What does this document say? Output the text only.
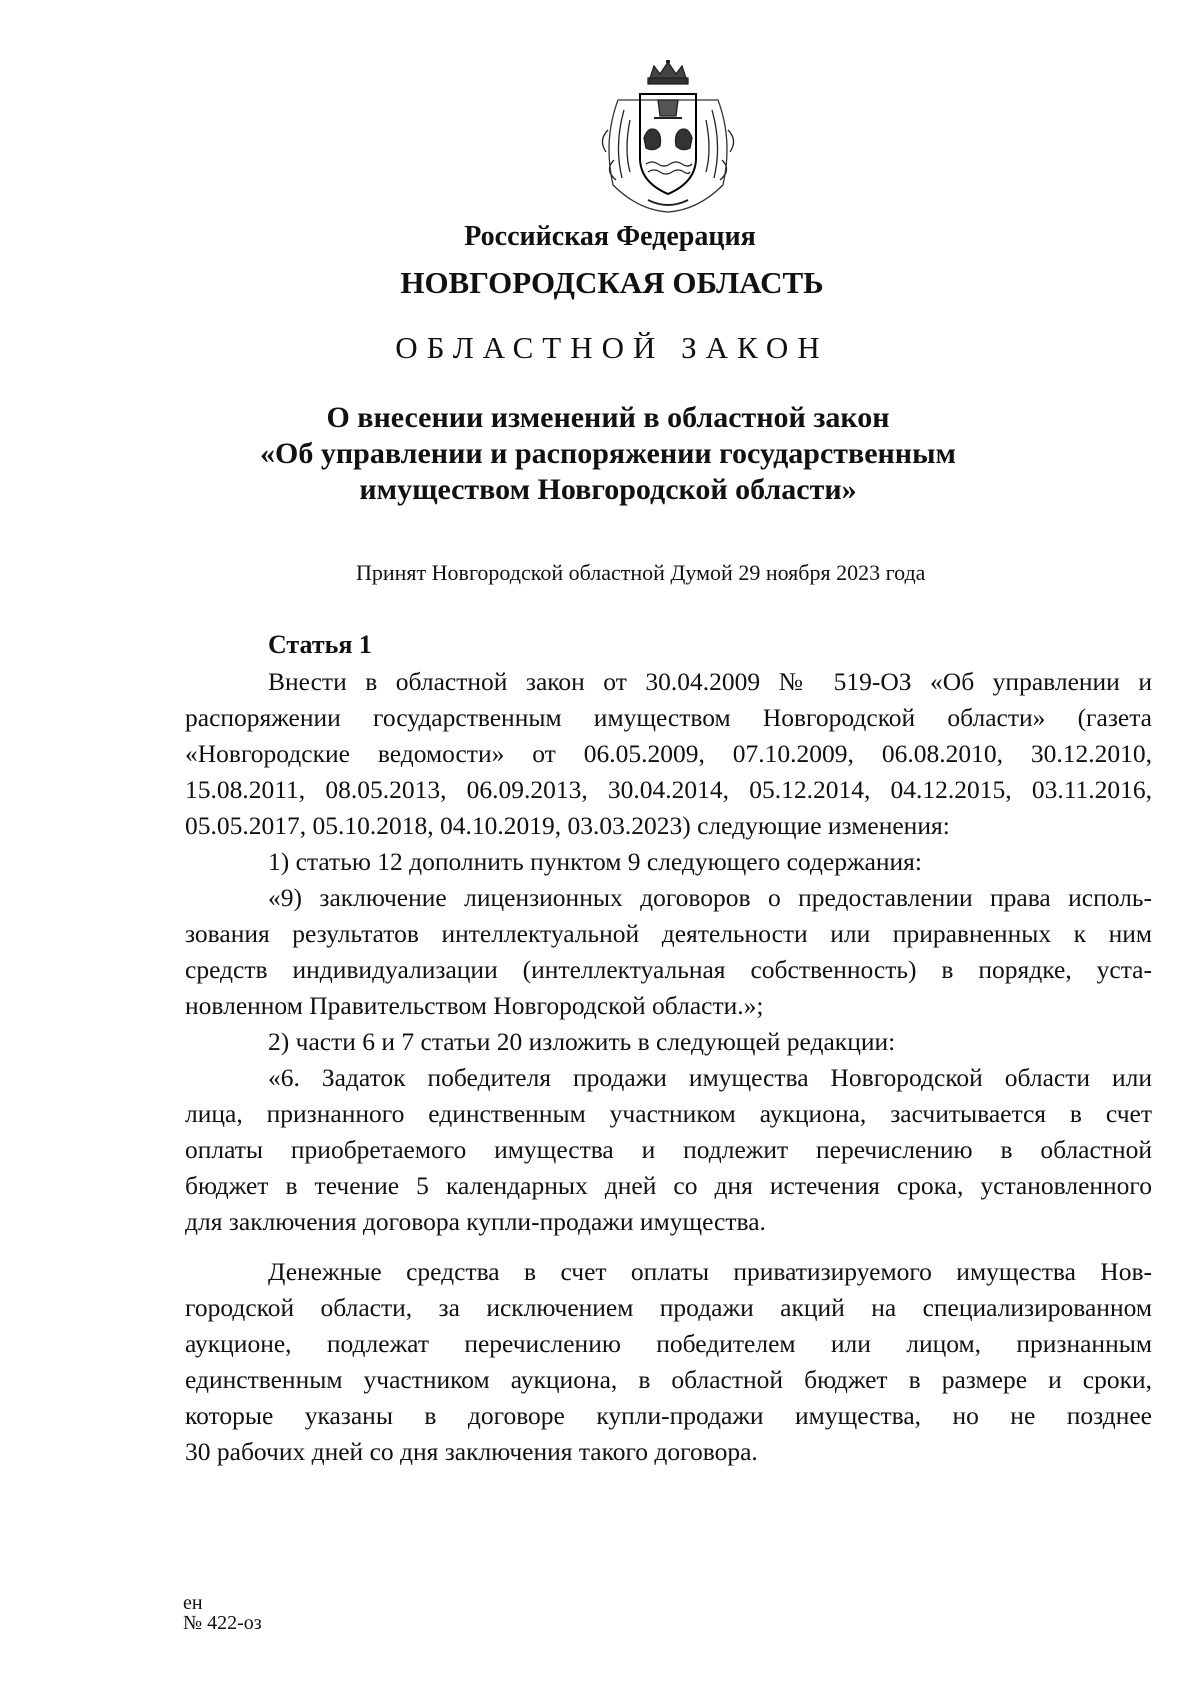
Российская Федерация
НОВГОРОДСКАЯ ОБЛАСТЬ
ОБЛАСТНОЙ ЗАКОН
О внесении изменений в областной закон
«Об управлении и распоряжении государственным
имуществом Новгородской области»
Принят Новгородской областной Думой 29 ноября 2023 года
Статья 1
Внести в областной закон от 30.04.2009 № 519-ОЗ «Об управлении и
распоряжении государственным имуществом Новгородской области» (газета
«Новгородские ведомости» от 06.05.2009, 07.10.2009, 06.08.2010, 30.12.2010,
15.08.2011, 08.05.2013, 06.09.2013, 30.04.2014, 05.12.2014, 04.12.2015, 03.11.2016,
05.05.2017, 05.10.2018, 04.10.2019, 03.03.2023) следующие изменения:
1) статью 12 дополнить пунктом 9 следующего содержания:
«9) заключение лицензионных договоров о предоставлении права исполь-
зования результатов интеллектуальной деятельности или приравненных к ним
средств индивидуализации (интеллектуальная собственность) в порядке, уста-
новленном Правительством Новгородской области.»;
2) части 6 и 7 статьи 20 изложить в следующей редакции:
«6. Задаток победителя продажи имущества Новгородской области или
лица, признанного единственным участником аукциона, засчитывается в счет
оплаты приобретаемого имущества и подлежит перечислению в областной
бюджет в течение 5 календарных дней со дня истечения срока, установленного
для заключения договора купли-продажи имущества.
Денежные средства в счет оплаты приватизируемого имущества Нов-
городской области, за исключением продажи акций на специализированном
аукционе, подлежат перечислению победителем или лицом, признанным
единственным участником аукциона, в областной бюджет в размере и сроки,
которые указаны в договоре купли-продажи имущества, но не позднее
30 рабочих дней со дня заключения такого договора.
ен
№ 422-оз
